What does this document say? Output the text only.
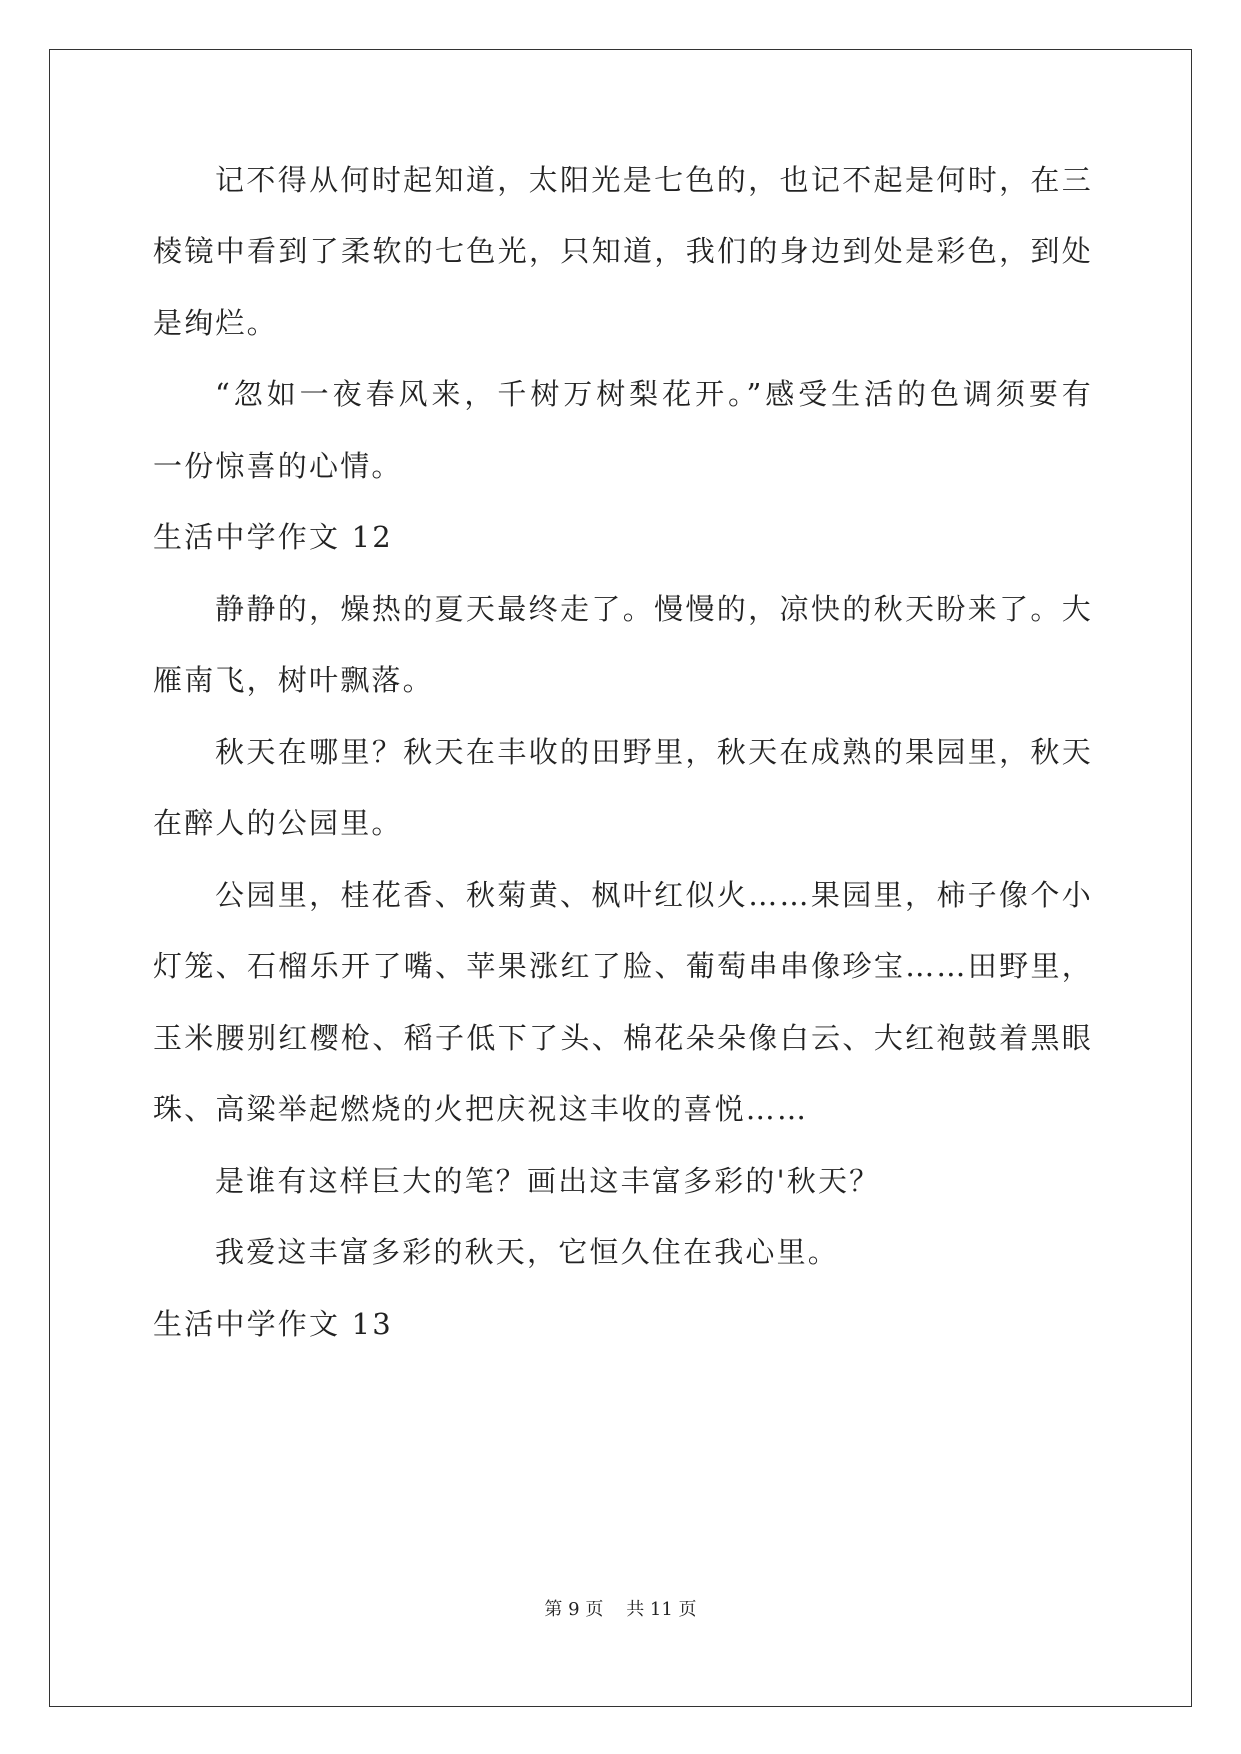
记不得从何时起知道，太阳光是七色的，也记不起是何时，在三
棱镜中看到了柔软的七色光，只知道，我们的身边到处是彩色，到处
是绚烂。
“忽如一夜春风来，千树万树梨花开。”感受生活的色调须要有
一份惊喜的心情。
生活中学作文 12
静静的，燥热的夏天最终走了。慢慢的，凉快的秋天盼来了。大
雁南飞，树叶飘落。
秋天在哪里？秋天在丰收的田野里，秋天在成熟的果园里，秋天
在醉人的公园里。
公园里，桂花香、秋菊黄、枫叶红似火……果园里，柿子像个小
灯笼、石榴乐开了嘴、苹果涨红了脸、葡萄串串像珍宝……田野里，
玉米腰别红樱枪、稻子低下了头、棉花朵朵像白云、大红袍鼓着黑眼
珠、高粱举起燃烧的火把庆祝这丰收的喜悦……
是谁有这样巨大的笔？画出这丰富多彩的'秋天？
我爱这丰富多彩的秋天，它恒久住在我心里。
生活中学作文 13
第 9 页    共 11 页
